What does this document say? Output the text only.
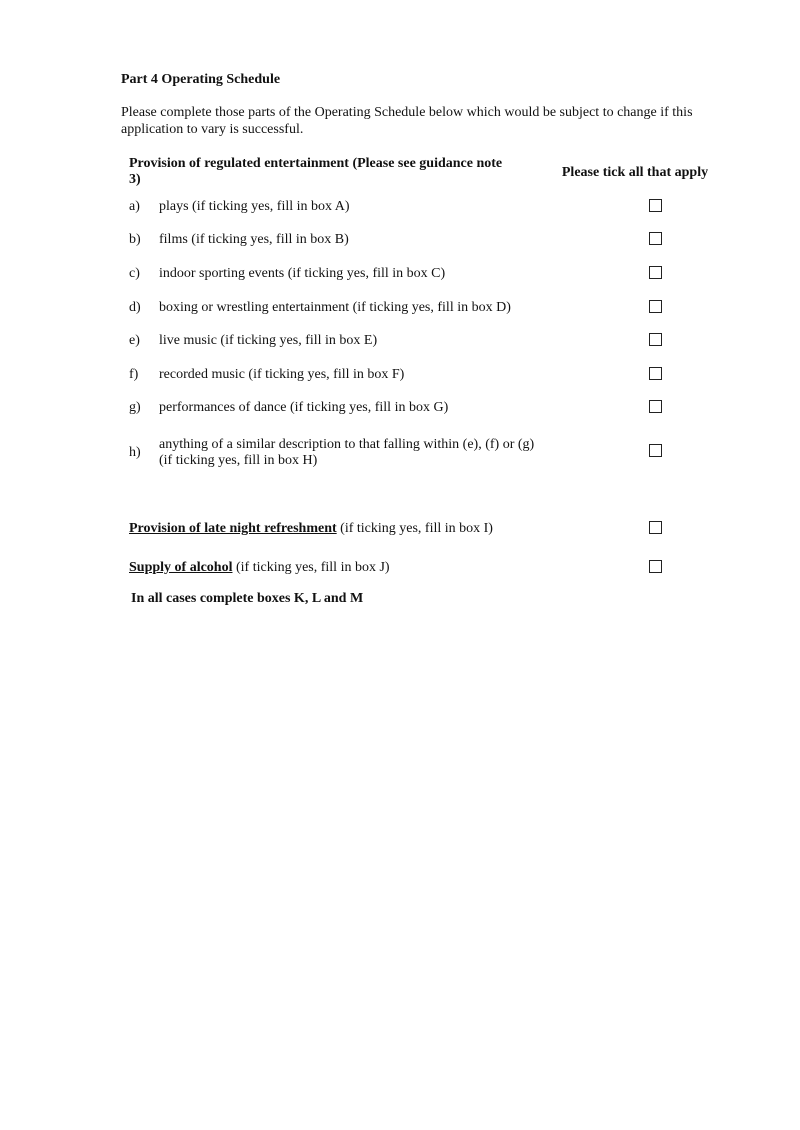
Part 4 Operating Schedule
Please complete those parts of the Operating Schedule below which would be subject to change if this application to vary is successful.
Provision of regulated entertainment (Please see guidance note 3)	Please tick all that apply
a) plays (if ticking yes, fill in box A)
b) films (if ticking yes, fill in box B)
c) indoor sporting events (if ticking yes, fill in box C)
d) boxing or wrestling entertainment (if ticking yes, fill in box D)
e) live music (if ticking yes, fill in box E)
f) recorded music (if ticking yes, fill in box F)
g) performances of dance (if ticking yes, fill in box G)
h)
anything of a similar description to that falling within (e), (f) or (g) (if ticking yes, fill in box H)
Provision of late night refreshment (if ticking yes, fill in box I)
Supply of alcohol (if ticking yes, fill in box J)
In all cases complete boxes K, L and M
